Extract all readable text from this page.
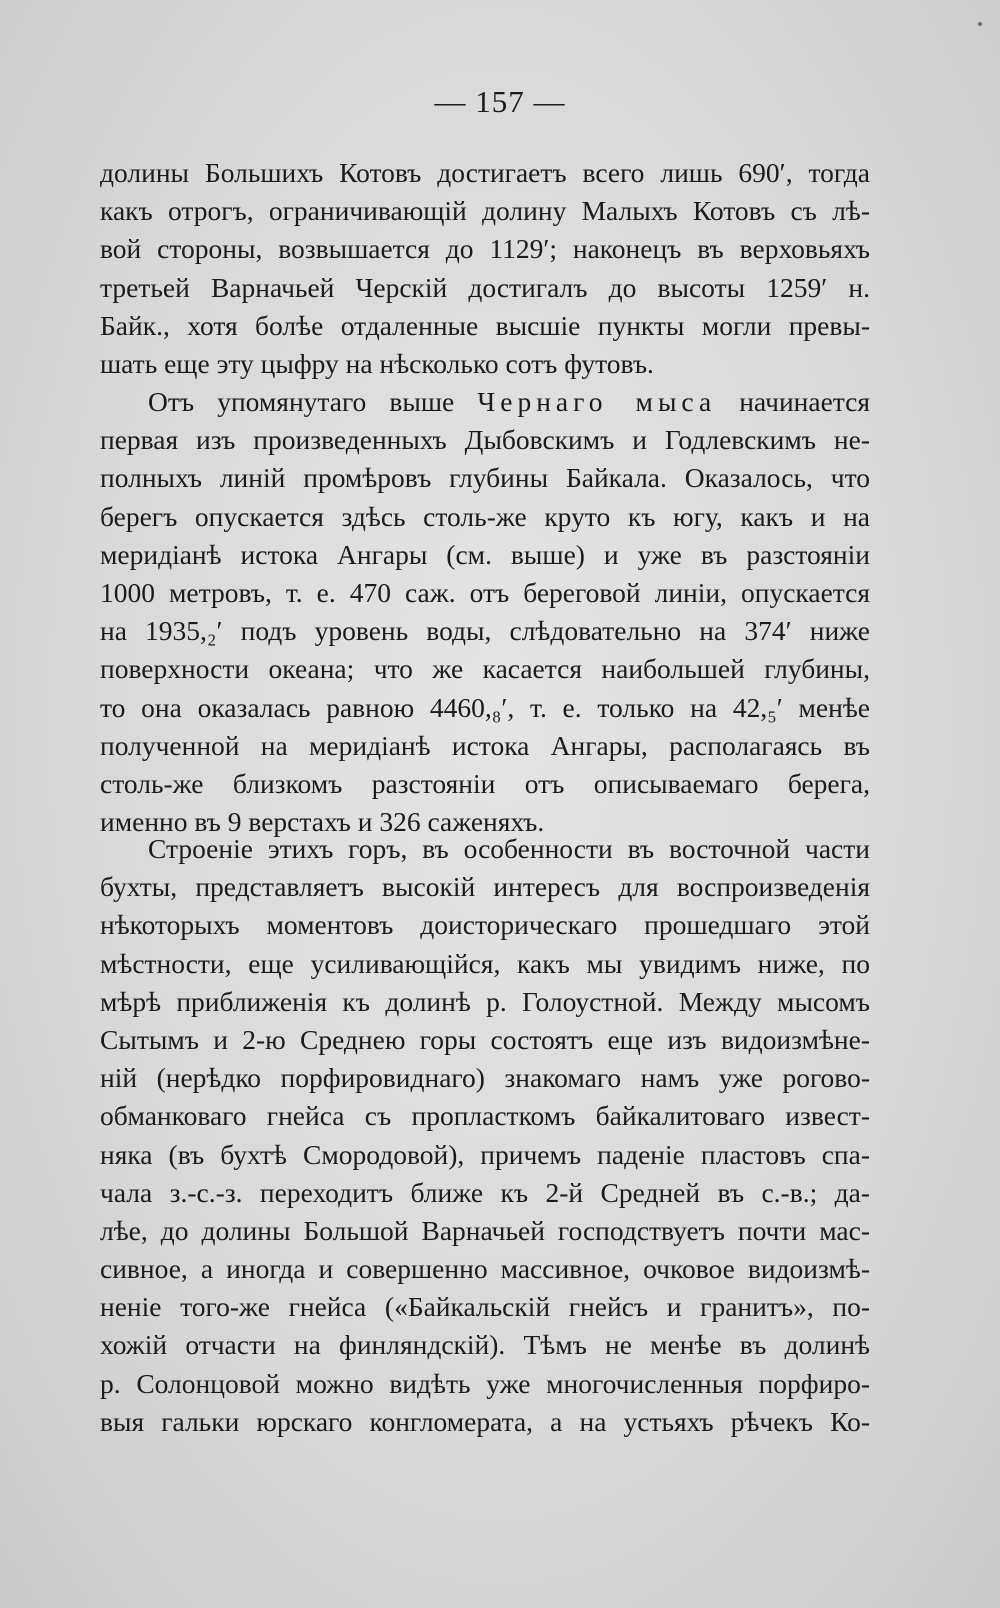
— 157 —
долины Большихъ Котовъ достигаетъ всего лишь 690′, тогда
какъ отрогъ, ограничивающій долину Малыхъ Котовъ съ лѣ-
вой стороны, возвышается до 1129′; наконецъ въ верховьяхъ
третьей Варначьей Черскій достигалъ до высоты 1259′ н.
Байк., хотя болѣе отдаленные высшіе пункты могли превы-
шать еще эту цыфру на нѣсколько сотъ футовъ.
Отъ упомянутаго выше Чернаго мыса начинается
первая изъ произведенныхъ Дыбовскимъ и Годлевскимъ не-
полныхъ линій промѣровъ глубины Байкала. Оказалось, что
берегъ опускается здѣсь столь-же круто къ югу, какъ и на
меридіанѣ истока Ангары (см. выше) и уже въ разстояніи
1000 метровъ, т. е. 470 саж. отъ береговой линіи, опускается
на 1935,₂′ подъ уровень воды, слѣдовательно на 374′ ниже
поверхности океана; что же касается наибольшей глубины,
то она оказалась равною 4460,₈′, т. е. только на 42,₅′ менѣе
полученной на меридіанѣ истока Ангары, располагаясь въ
столь-же близкомъ разстояніи отъ описываемаго берега,
именно въ 9 верстахъ и 326 саженяхъ.
Строеніе этихъ горъ, въ особенности въ восточной части
бухты, представляетъ высокій интересъ для воспроизведенія
нѣкоторыхъ моментовъ доисторическаго прошедшаго этой
мѣстности, еще усиливающійся, какъ мы увидимъ ниже, по
мѣрѣ приближенія къ долинѣ р. Голоустной. Между мысомъ
Сытымъ и 2-ю Среднею горы состоятъ еще изъ видоизмѣне-
ній (нерѣдко порфировиднаго) знакомаго намъ уже рогово-
обманковаго гнейса съ пропласткомъ байкалитоваго извест-
няка (въ бухтѣ Смородовой), причемъ паденіе пластовъ спа-
чала з.-с.-з. переходитъ ближе къ 2-й Средней въ с.-в.; да-
лѣе, до долины Большой Варначьей господствуетъ почти мас-
сивное, а иногда и совершенно массивное, очковое видоизмѣ-
неніе того-же гнейса («Байкальскій гнейсъ и гранитъ», по-
хожій отчасти на финляндскій). Тѣмъ не менѣе въ долинѣ
р. Солонцовой можно видѣть уже многочисленныя порфиро-
выя гальки юрскаго конгломерата, а на устьяхъ рѣчекъ Ко-
